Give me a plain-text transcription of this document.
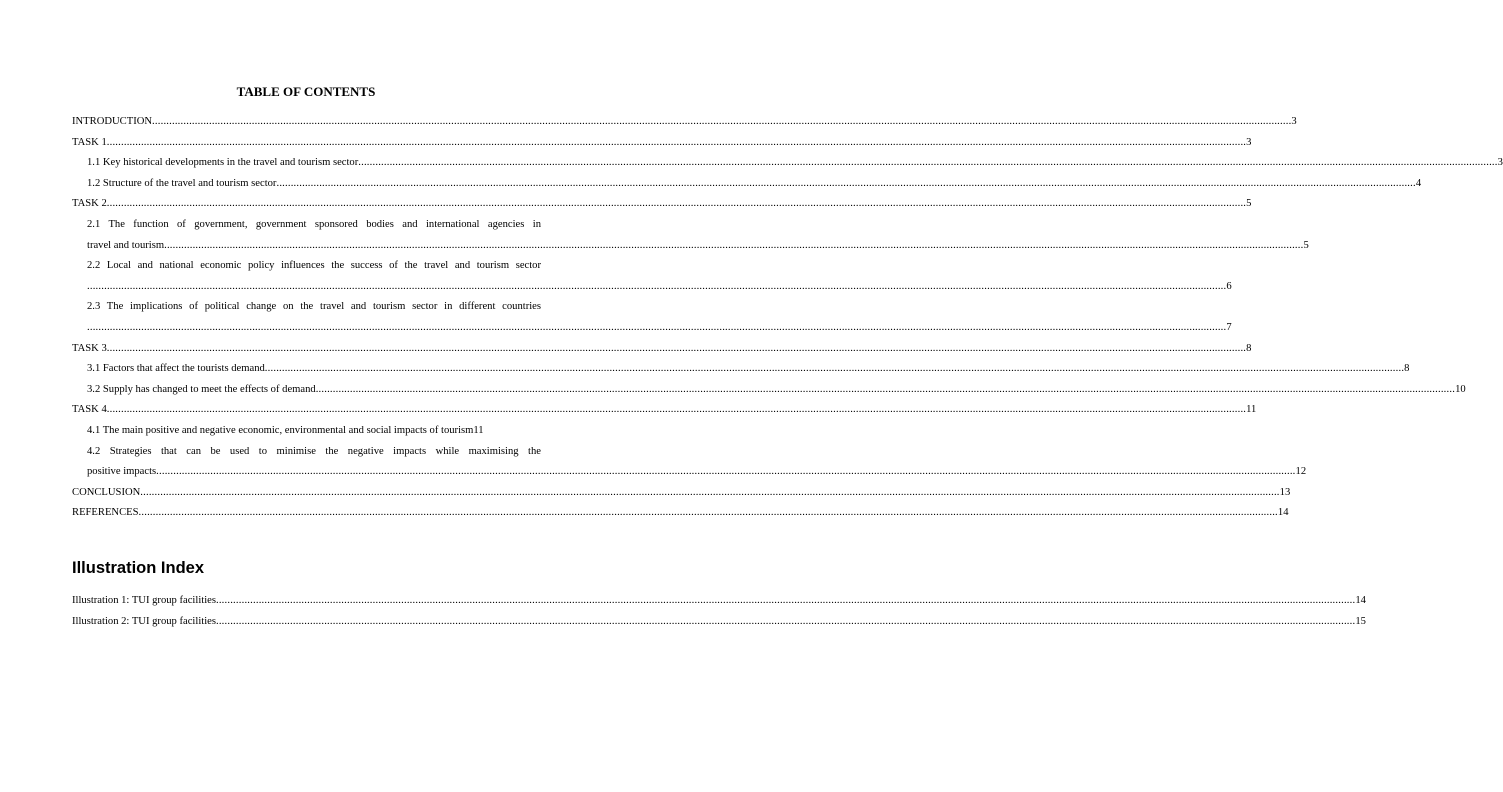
TABLE OF CONTENTS
INTRODUCTION ................................................................................................................................................................................................................................................................................................................................................................................................................ 3
TASK 1 ................................................................................................................................................................................................................................................................................................................................................................................................................ 3
1.1 Key historical developments in the travel and tourism sector ................................................................................................................................................................................................................................................................................................................................................................................................................ 3
1.2 Structure of the travel and tourism sector ................................................................................................................................................................................................................................................................................................................................................................................................................ 4
TASK 2 ................................................................................................................................................................................................................................................................................................................................................................................................................ 5
2.1 The function of government, government sponsored bodies and international agencies in
travel and tourism ................................................................................................................................................................................................................................................................................................................................................................................................................ 5
2.2 Local and national economic policy influences the success of the travel and tourism sector
................................................................................................................................................................................................................................................................................................................................................................................................................ 6
2.3 The implications of political change on the travel and tourism sector in different countries
................................................................................................................................................................................................................................................................................................................................................................................................................ 7
TASK 3 ................................................................................................................................................................................................................................................................................................................................................................................................................ 8
3.1 Factors that affect the tourists demand ................................................................................................................................................................................................................................................................................................................................................................................................................ 8
3.2 Supply has changed to meet the effects of demand ................................................................................................................................................................................................................................................................................................................................................................................................................ 10
TASK 4 ................................................................................................................................................................................................................................................................................................................................................................................................................ 11
4.1 The main positive and negative economic, environmental and social impacts of tourism 11
4.2 Strategies that can be used to minimise the negative impacts while maximising the
positive impacts ................................................................................................................................................................................................................................................................................................................................................................................................................ 12
CONCLUSION ................................................................................................................................................................................................................................................................................................................................................................................................................ 13
REFERENCES ................................................................................................................................................................................................................................................................................................................................................................................................................ 14
Illustration Index
Illustration 1: TUI group facilities ................................................................................................................................................................................................................................................................................................................................................................................................................ 14
Illustration 2: TUI group facilities ................................................................................................................................................................................................................................................................................................................................................................................................................ 15
